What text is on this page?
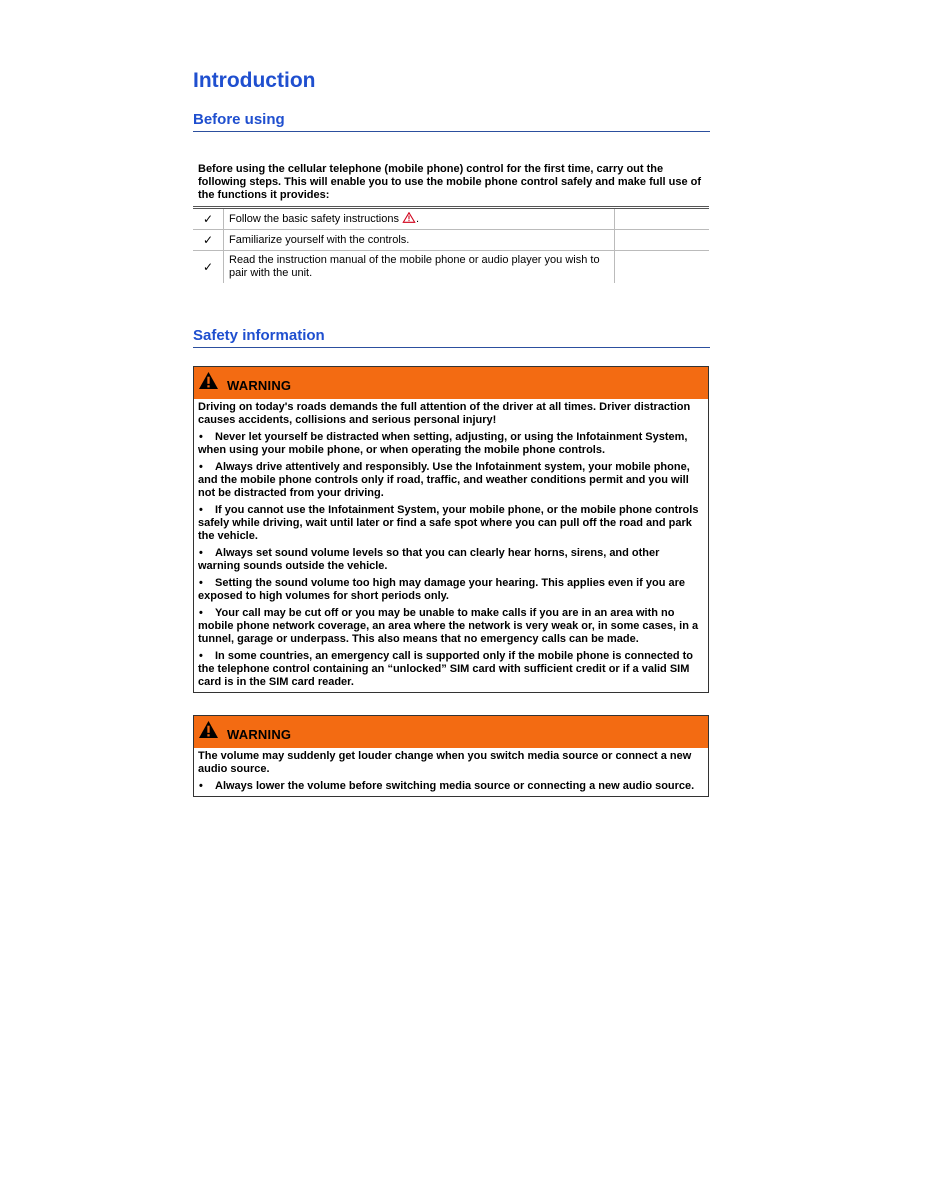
Introduction
Before using

Before using the cellular telephone (mobile phone) control for the first time, carry out the following steps. This will enable you to use the mobile phone control safely and make full use of the functions it provides:

✓	Follow the basic safety instructions .	
✓	Familiarize yourself with the controls.	
✓	Read the instruction manual of the mobile phone or audio player you wish to pair with the unit.	
Safety information
WARNING

Driving on today's roads demands the full attention of the driver at all times. Driver distraction causes accidents, collisions and serious personal injury!

• Never let yourself be distracted when setting, adjusting, or using the Infotainment System, when using your mobile phone, or when operating the mobile phone controls.

• Always drive attentively and responsibly. Use the Infotainment system, your mobile phone, and the mobile phone controls only if road, traffic, and weather conditions permit and you will not be distracted from your driving.

• If you cannot use the Infotainment System, your mobile phone, or the mobile phone controls safely while driving, wait until later or find a safe spot where you can pull off the road and park the vehicle.

• Always set sound volume levels so that you can clearly hear horns, sirens, and other warning sounds outside the vehicle.

• Setting the sound volume too high may damage your hearing. This applies even if you are exposed to high volumes for short periods only.

• Your call may be cut off or you may be unable to make calls if you are in an area with no mobile phone network coverage, an area where the network is very weak or, in some cases, in a tunnel, garage or underpass. This also means that no emergency calls can be made.

• In some countries, an emergency call is supported only if the mobile phone is connected to the telephone control containing an “unlocked” SIM card with sufficient credit or if a valid SIM card is in the SIM card reader.

WARNING

The volume may suddenly get louder change when you switch media source or connect a new audio source.

• Always lower the volume before switching media source or connecting a new audio source.
